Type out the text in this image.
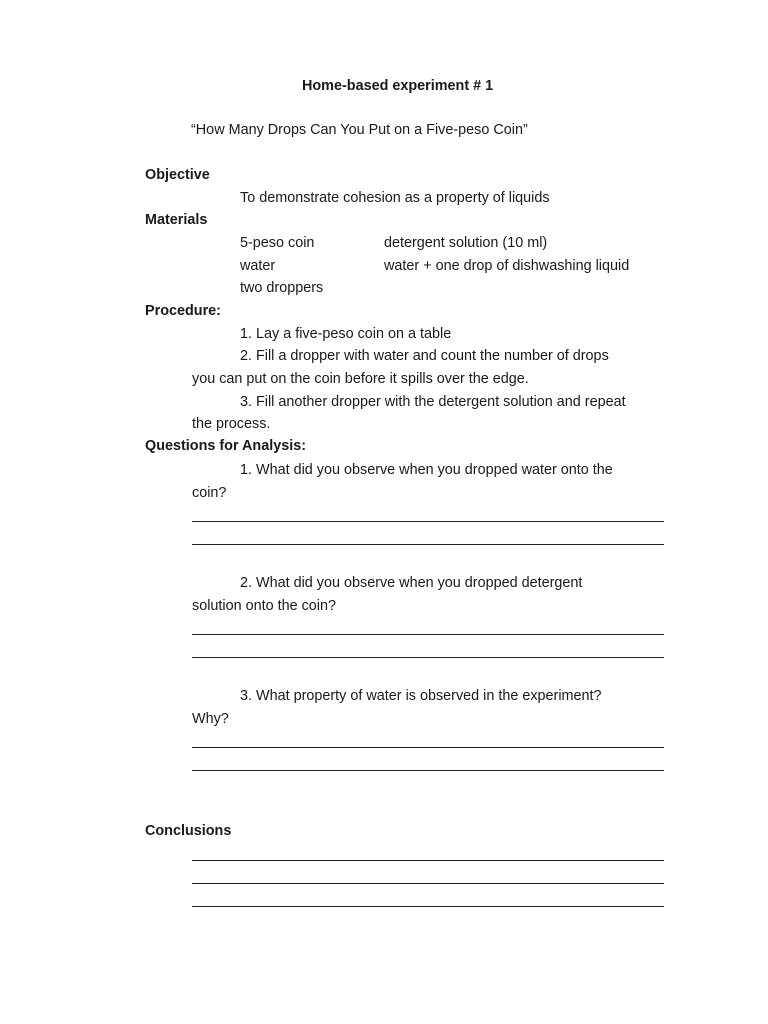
Home-based experiment # 1
“How Many Drops Can You Put on a Five-peso Coin”
Objective
To demonstrate cohesion as a property of liquids
Materials
5-peso coin	detergent solution (10 ml)
water	water + one drop of dishwashing liquid
two droppers
Procedure:
1. Lay a five-peso coin on a table
2. Fill a dropper with water and count the number of drops
you can put on the coin before it spills over the edge.
3. Fill another dropper with the detergent solution and repeat
the process.
Questions for Analysis:
1. What did you observe when you dropped water onto the
coin?
2. What did you observe when you dropped detergent
solution onto the coin?
3. What property of water is observed in the experiment?
Why?
Conclusions
